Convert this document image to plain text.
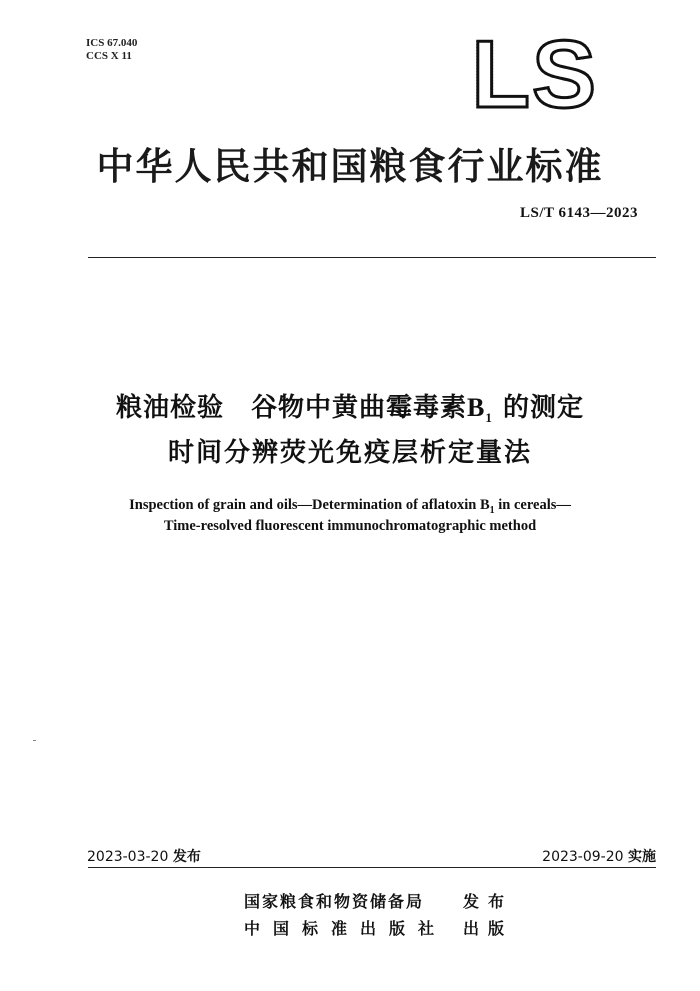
ICS 67.040
CCS X 11	LS
中华人民共和国粮食行业标准
LS/T 6143—2023
粮油检验　谷物中黄曲霉毒素$B_1$ 的测定
时间分辨荧光免疫层析定量法
Inspection of grain and oils—Determination of aflatoxin $B_1$ in cereals—
Time-resolved fluorescent immunochromatographic method
2023-03-20 发布	2023-09-20 实施
国家粮食和物资储备局 发布
中国标准出版社 出版
